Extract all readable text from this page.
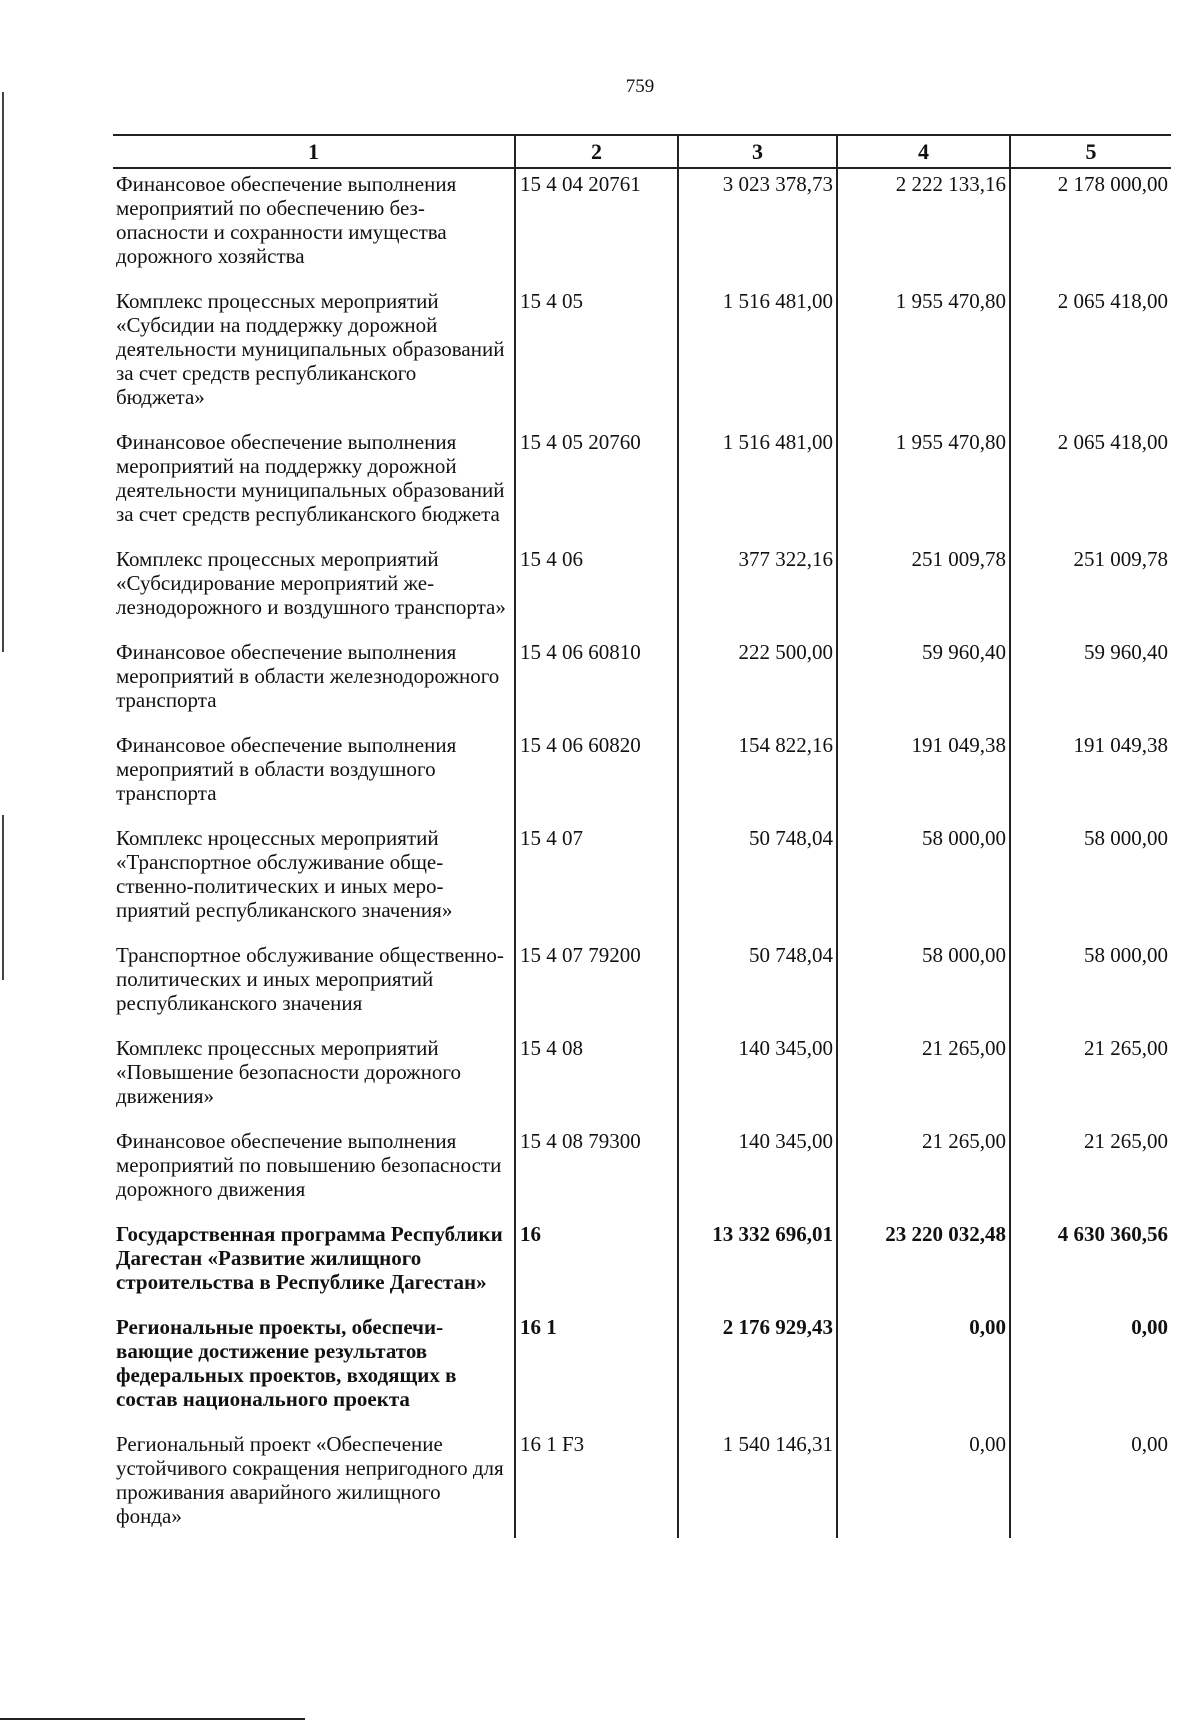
759
1	2	3	4	5
Финансовое обеспечение выполнения мероприятий по обеспечению безопасности и сохранности имущества дорожного хозяйства	15 4 04 20761	3 023 378,73	2 222 133,16	2 178 000,00
Комплекс процессных мероприятий «Субсидии на поддержку дорожной деятельности муниципальных образований за счет средств республиканского бюджета»	15 4 05	1 516 481,00	1 955 470,80	2 065 418,00
Финансовое обеспечение выполнения мероприятий на поддержку дорожной деятельности муниципальных образований за счет средств республиканского бюджета	15 4 05 20760	1 516 481,00	1 955 470,80	2 065 418,00
Комплекс процессных мероприятий «Субсидирование мероприятий железнодорожного и воздушного транспорта»	15 4 06	377 322,16	251 009,78	251 009,78
Финансовое обеспечение выполнения мероприятий в области железнодорожного транспорта	15 4 06 60810	222 500,00	59 960,40	59 960,40
Финансовое обеспечение выполнения мероприятий в области воздушного транспорта	15 4 06 60820	154 822,16	191 049,38	191 049,38
Комплекс нроцессных мероприятий «Транспортное обслуживание общественно-политических и иных мероприятий республиканского значения»	15 4 07	50 748,04	58 000,00	58 000,00
Транспортное обслуживание общественно-политических и иных мероприятий республиканского значения	15 4 07 79200	50 748,04	58 000,00	58 000,00
Комплекс процессных мероприятий «Повышение безопасности дорожного движения»	15 4 08	140 345,00	21 265,00	21 265,00
Финансовое обеспечение выполнения мероприятий по повышению безопасности дорожного движения	15 4 08 79300	140 345,00	21 265,00	21 265,00
Государственная программа Республики Дагестан «Развитие жилищного строительства в Республике Дагестан»	16	13 332 696,01	23 220 032,48	4 630 360,56
Региональные проекты, обеспечивающие достижение результатов федеральных проектов, входящих в состав национального проекта	16 1	2 176 929,43	0,00	0,00
Региональный проект «Обеспечение устойчивого сокращения непригодного для проживания аварийного жилищного фонда»	16 1 F3	1 540 146,31	0,00	0,00
